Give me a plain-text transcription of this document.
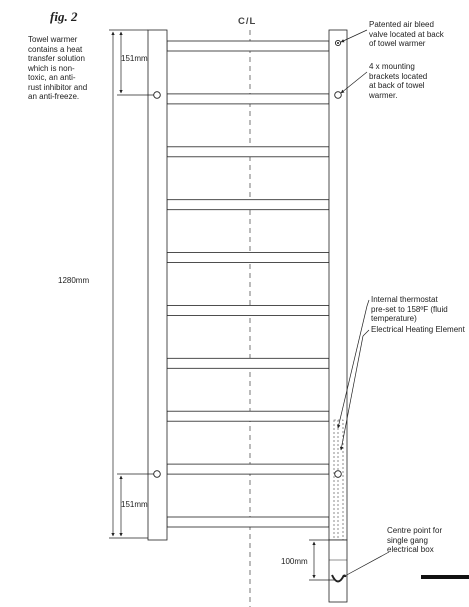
fig. 2
Towel warmer
contains a heat
transfer solution
which is non-
toxic, an anti-
rust inhibitor and
an anti-freeze.
C/L	Patented air bleed
valve located at back
of towel warmer
4 x mounting
brackets located
at back of towel
warmer.
Internal thermostat
pre-set to 158ºF (fluid
temperature)
Electrical Heating Element
Centre point for
single gang
electrical box
151mm
1280mm
151mm
100mm
